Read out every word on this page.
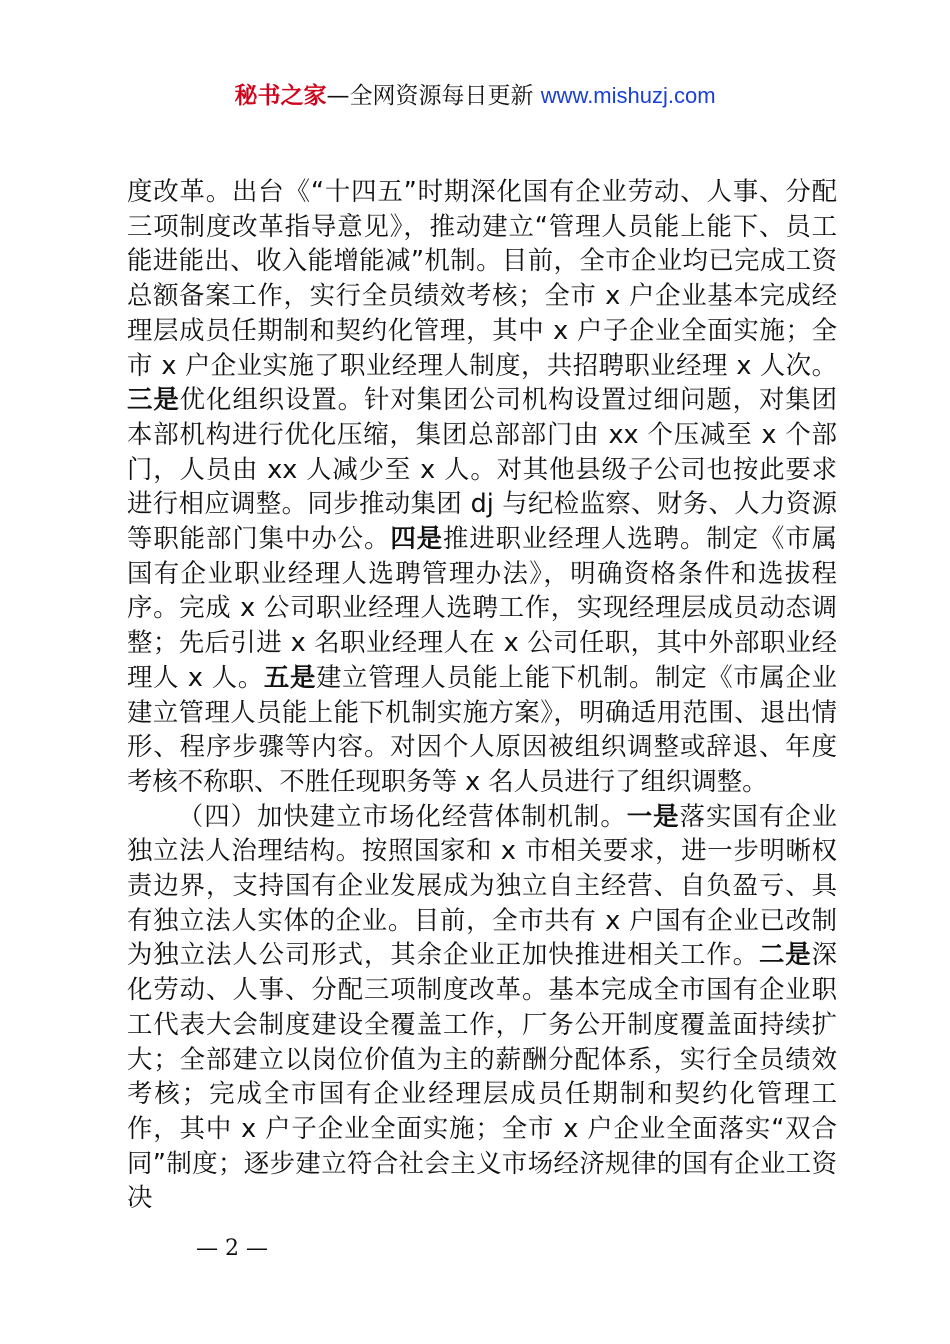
秘书之家—全网资源每日更新 www.mishuzj.com

度改革。出台《“十四五”时期深化国有企业劳动、人事、分配三项制度改革指导意见》，推动建立“管理人员能上能下、员工能进能出、收入能增能减”机制。目前，全市企业均已完成工资总额备案工作，实行全员绩效考核；全市 x 户企业基本完成经理层成员任期制和契约化管理，其中 x 户子企业全面实施；全市 x 户企业实施了职业经理人制度，共招聘职业经理 x 人次。三是优化组织设置。针对集团公司机构设置过细问题，对集团本部机构进行优化压缩，集团总部部门由 xx 个压减至 x 个部门，人员由 xx 人减少至 x 人。对其他县级子公司也按此要求进行相应调整。同步推动集团 dj 与纪检监察、财务、人力资源等职能部门集中办公。四是推进职业经理人选聘。制定《市属国有企业职业经理人选聘管理办法》，明确资格条件和选拔程序。完成 x 公司职业经理人选聘工作，实现经理层成员动态调整；先后引进 x 名职业经理人在 x 公司任职，其中外部职业经理人 x 人。五是建立管理人员能上能下机制。制定《市属企业建立管理人员能上能下机制实施方案》，明确适用范围、退出情形、程序步骤等内容。对因个人原因被组织调整或辞退、年度考核不称职、不胜任现职务等 x 名人员进行了组织调整。

（四）加快建立市场化经营体制机制。一是落实国有企业独立法人治理结构。按照国家和 x 市相关要求，进一步明晰权责边界，支持国有企业发展成为独立自主经营、自负盈亏、具有独立法人实体的企业。目前，全市共有 x 户国有企业已改制为独立法人公司形式，其余企业正加快推进相关工作。二是深化劳动、人事、分配三项制度改革。基本完成全市国有企业职工代表大会制度建设全覆盖工作，厂务公开制度覆盖面持续扩大；全部建立以岗位价值为主的薪酬分配体系，实行全员绩效考核；完成全市国有企业经理层成员任期制和契约化管理工作，其中 x 户子企业全面实施；全市 x 户企业全面落实“双合同”制度；逐步建立符合社会主义市场经济规律的国有企业工资决

— 2 —
